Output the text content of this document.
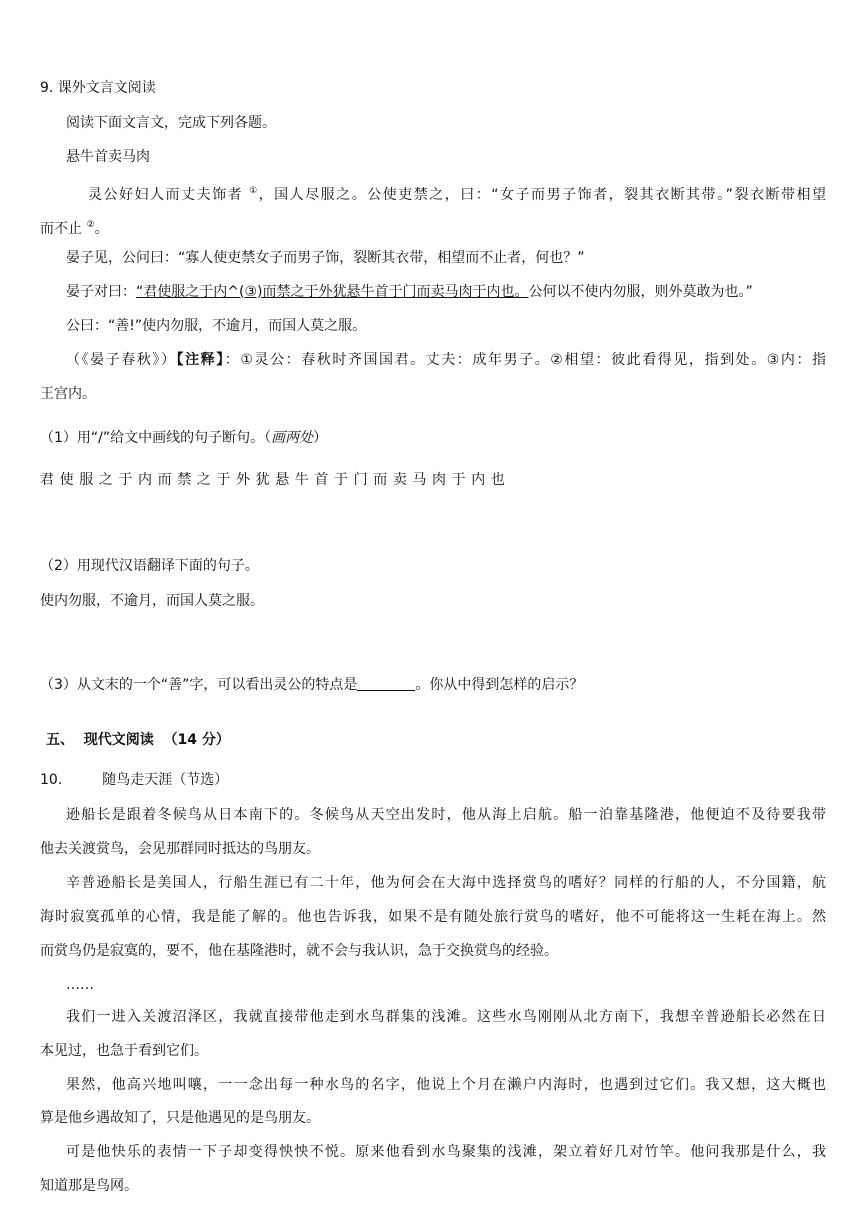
9. 课外文言文阅读
阅读下面文言文，完成下列各题。
悬牛首卖马肉
灵公好妇人而丈夫饰者 ①，国人尽服之。公使吏禁之，曰：“女子而男子饰者，裂其衣断其带。”裂衣断带相望
而不止 ②。
晏子见，公问曰：“寡人使吏禁女子而男子饰，裂断其衣带，相望而不止者，何也？”
晏子对曰：“君使服之于内^(③)而禁之于外犹悬牛首于门而卖马肉于内也。公何以不使内勿服，则外莫敢为也。”
公曰：“善!”使内勿服，不逾月，而国人莫之服。
（《晏子春秋》）【注释】：①灵公：春秋时齐国国君。丈夫：成年男子。②相望：彼此看得见，指到处。③内：指
王宫内。
（1）用“/”给文中画线的句子断句。（画两处）
君使服之于内而禁之于外犹悬牛首于门而卖马肉于内也
（2）用现代汉语翻译下面的句子。
使内勿服，不逾月，而国人莫之服。
（3）从文末的一个“善”字，可以看出灵公的特点是	。你从中得到怎样的启示？
五、  现代文阅读  （14 分）
10.	随鸟走天涯（节选）
逊船长是跟着冬候鸟从日本南下的。冬候鸟从天空出发时，他从海上启航。船一泊靠基隆港，他便迫不及待要我带
他去关渡赏鸟，会见那群同时抵达的鸟朋友。
辛普逊船长是美国人，行船生涯已有二十年，他为何会在大海中选择赏鸟的嗜好？同样的行船的人，不分国籍，航
海时寂寞孤单的心情，我是能了解的。他也告诉我，如果不是有随处旅行赏鸟的嗜好，他不可能将这一生耗在海上。然
而赏鸟仍是寂寞的，要不，他在基隆港时，就不会与我认识，急于交换赏鸟的经验。
……
我们一进入关渡沼泽区，我就直接带他走到水鸟群集的浅滩。这些水鸟刚刚从北方南下，我想辛普逊船长必然在日
本见过，也急于看到它们。
果然，他高兴地叫嚷，一一念出每一种水鸟的名字，他说上个月在濑户内海时，也遇到过它们。我又想，这大概也
算是他乡遇故知了，只是他遇见的是鸟朋友。
可是他快乐的表情一下子却变得怏怏不悦。原来他看到水鸟聚集的浅滩，架立着好几对竹竿。他问我那是什么，我
知道那是鸟网。
